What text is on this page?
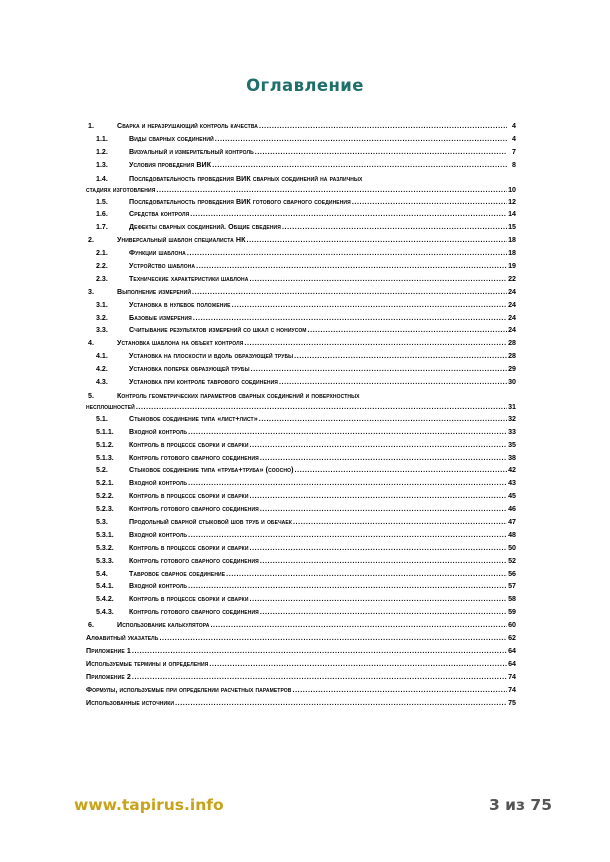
Оглавление
1.	Сварка и неразрушающий контроль качества .....	4
1.1.	Виды сварных соединений .....	4
1.2.	Визуальный и измерительный контроль .....	7
1.3.	Условия проведения ВИК .....	8
1.4.	Последовательность проведения ВИК сварных соединений на различных
стадиях изготовления .....	10
1.5.	Последовательность проведения ВИК готового сварного соединения .....	12
1.6.	Средства контроля .....	14
1.7.	Дефекты сварных соединений. Общие сведения .....	15
2.	Универсальный шаблон специалиста НК .....	18
2.1.	Функции шаблона .....	18
2.2.	Устройство шаблона .....	19
2.3.	Технические характеристики шаблона .....	22
3.	Выполнение измерений .....	24
3.1.	Установка в нулевое положение .....	24
3.2.	Базовые измерения .....	24
3.3.	Считывание результатов измерений со шкал с нониусом .....	24
4.	Установка шаблона на объект контроля .....	28
4.1.	Установка на плоскости и вдоль образующей трубы .....	28
4.2.	Установка поперек образующей трубы .....	29
4.3.	Установка при контроле таврового соединения .....	30
5.	Контроль геометрических параметров сварных соединений и поверхностных
несплошностей .....	31
5.1.	Стыковое соединение типа «лист+лист» .....	32
5.1.1.	Входной контроль .....	33
5.1.2.	Контроль в процессе сборки и сварки .....	35
5.1.3.	Контроль готового сварного соединения .....	38
5.2.	Стыковое соединение типа «труба+труба» (соосно) .....	42
5.2.1.	Входной контроль .....	43
5.2.2.	Контроль в процессе сборки и сварки .....	45
5.2.3.	Контроль готового сварного соединения .....	46
5.3.	Продольный сварной стыковой шов труб и обечаек .....	47
5.3.1.	Входной контроль .....	48
5.3.2.	Контроль в процессе сборки и сварки .....	50
5.3.3.	Контроль готового сварного соединения .....	52
5.4.	Тавровое сварное соединение .....	56
5.4.1.	Входной контроль .....	57
5.4.2.	Контроль в процессе сборки и сварки .....	58
5.4.3.	Контроль готового сварного соединения .....	59
6.	Использование калькулятора .....	60
Алфавитный указатель .....	62
Приложение 1 .....	64
Используемые термины и определения .....	64
Приложение 2 .....	74
Формулы, используемые при определении расчетных параметров .....	74
Использованные источники .....	75
www.tapirus.info	3 из 75
